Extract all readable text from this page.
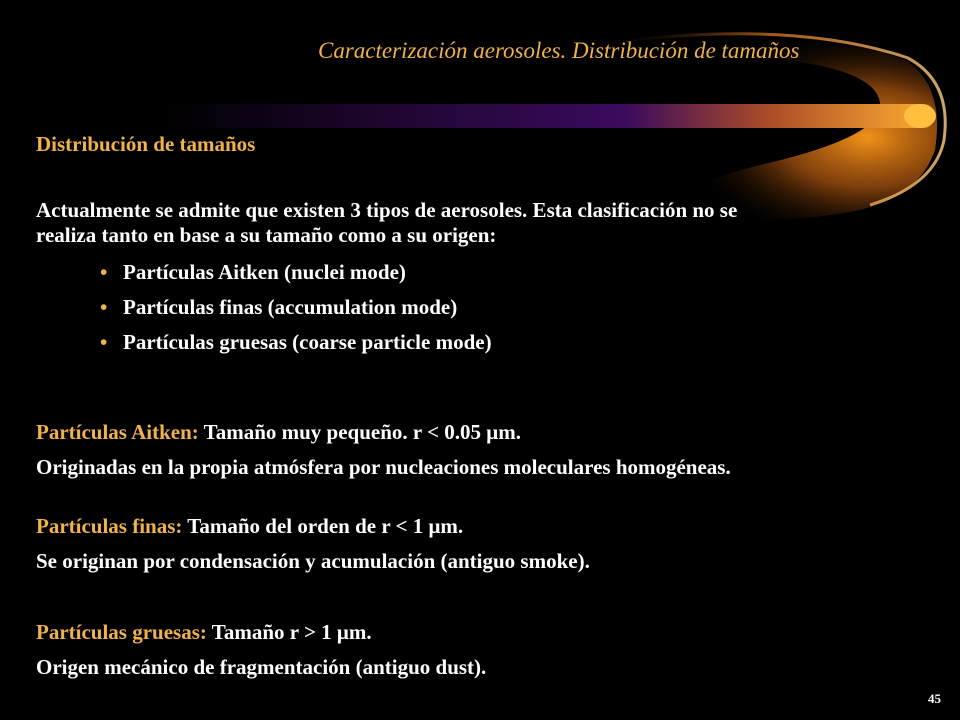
Caracterización aerosoles. Distribución de tamaños
Distribución de tamaños
Actualmente se admite que existen 3 tipos de aerosoles. Esta clasificación no se
realiza tanto en base a su tamaño como a su origen:
• Partículas Aitken (nuclei mode)
• Partículas finas (accumulation mode)
• Partículas gruesas (coarse particle mode)
Partículas Aitken: Tamaño muy pequeño. r < 0.05 μm.
Originadas en la propia atmósfera por nucleaciones moleculares homogéneas.
Partículas finas: Tamaño del orden de r < 1 μm.
Se originan por condensación y acumulación (antiguo smoke).
Partículas gruesas: Tamaño r > 1 μm.
Origen mecánico de fragmentación (antiguo dust).
45
